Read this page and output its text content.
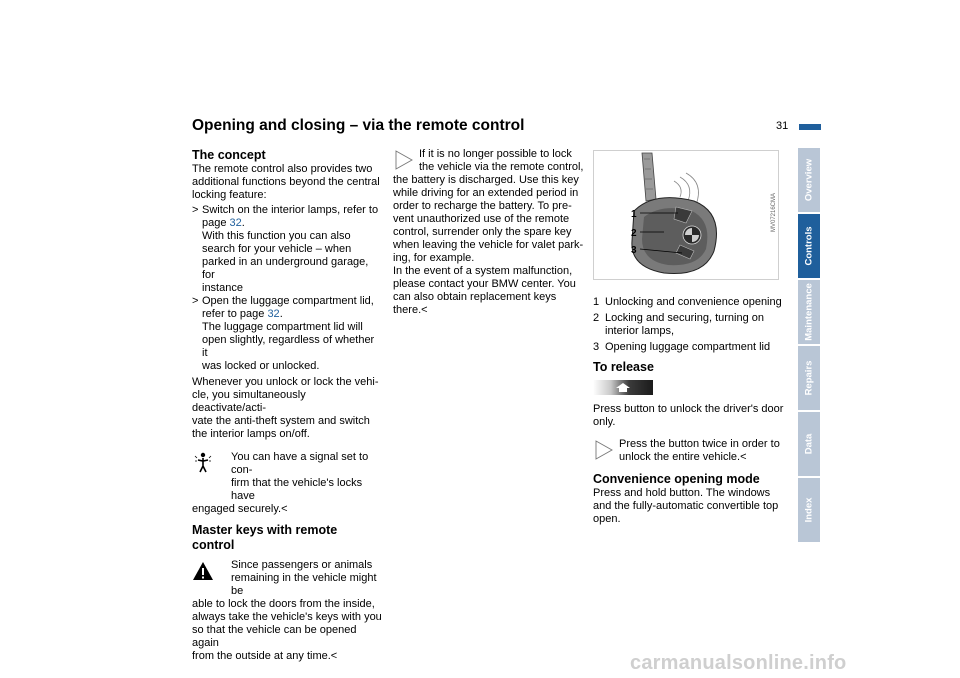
Opening and closing – via the remote control	31
Overview
Controls
Maintenance
Repairs
Data
Index
The concept

The remote control also provides two
additional functions beyond the central
locking feature:

> Switch on the interior lamps, refer to
page 32.
With this function you can also
search for your vehicle – when
parked in an underground garage, for
instance
> Open the luggage compartment lid,
refer to page 32.
The luggage compartment lid will
open slightly, regardless of whether it
was locked or unlocked.

Whenever you unlock or lock the vehi-
cle, you simultaneously deactivate/acti-
vate the anti-theft system and switch
the interior lamps on/off.

You can have a signal set to con-
firm that the vehicle's locks have
engaged securely.<
Master keys with remote control
Since passengers or animals
remaining in the vehicle might be
able to lock the doors from the inside,
always take the vehicle's keys with you
so that the vehicle can be opened again
from the outside at any time.<
If it is no longer possible to lock
the vehicle via the remote control,
the battery is discharged. Use this key
while driving for an extended period in
order to recharge the battery. To pre-
vent unauthorized use of the remote
control, surrender only the spare key
when leaving the vehicle for valet park-
ing, for example.
In the event of a system malfunction,
please contact your BMW center. You
can also obtain replacement keys
there.<
1
2
3
MV07216CMA
1 Unlocking and convenience opening
2 Locking and securing, turning on
interior lamps,
3 Opening luggage compartment lid
To release

Press button to unlock the driver's door
only.

Press the button twice in order to
unlock the entire vehicle.<
Convenience opening mode

Press and hold button. The windows
and the fully-automatic convertible top
open.

carmanualsonline.info
